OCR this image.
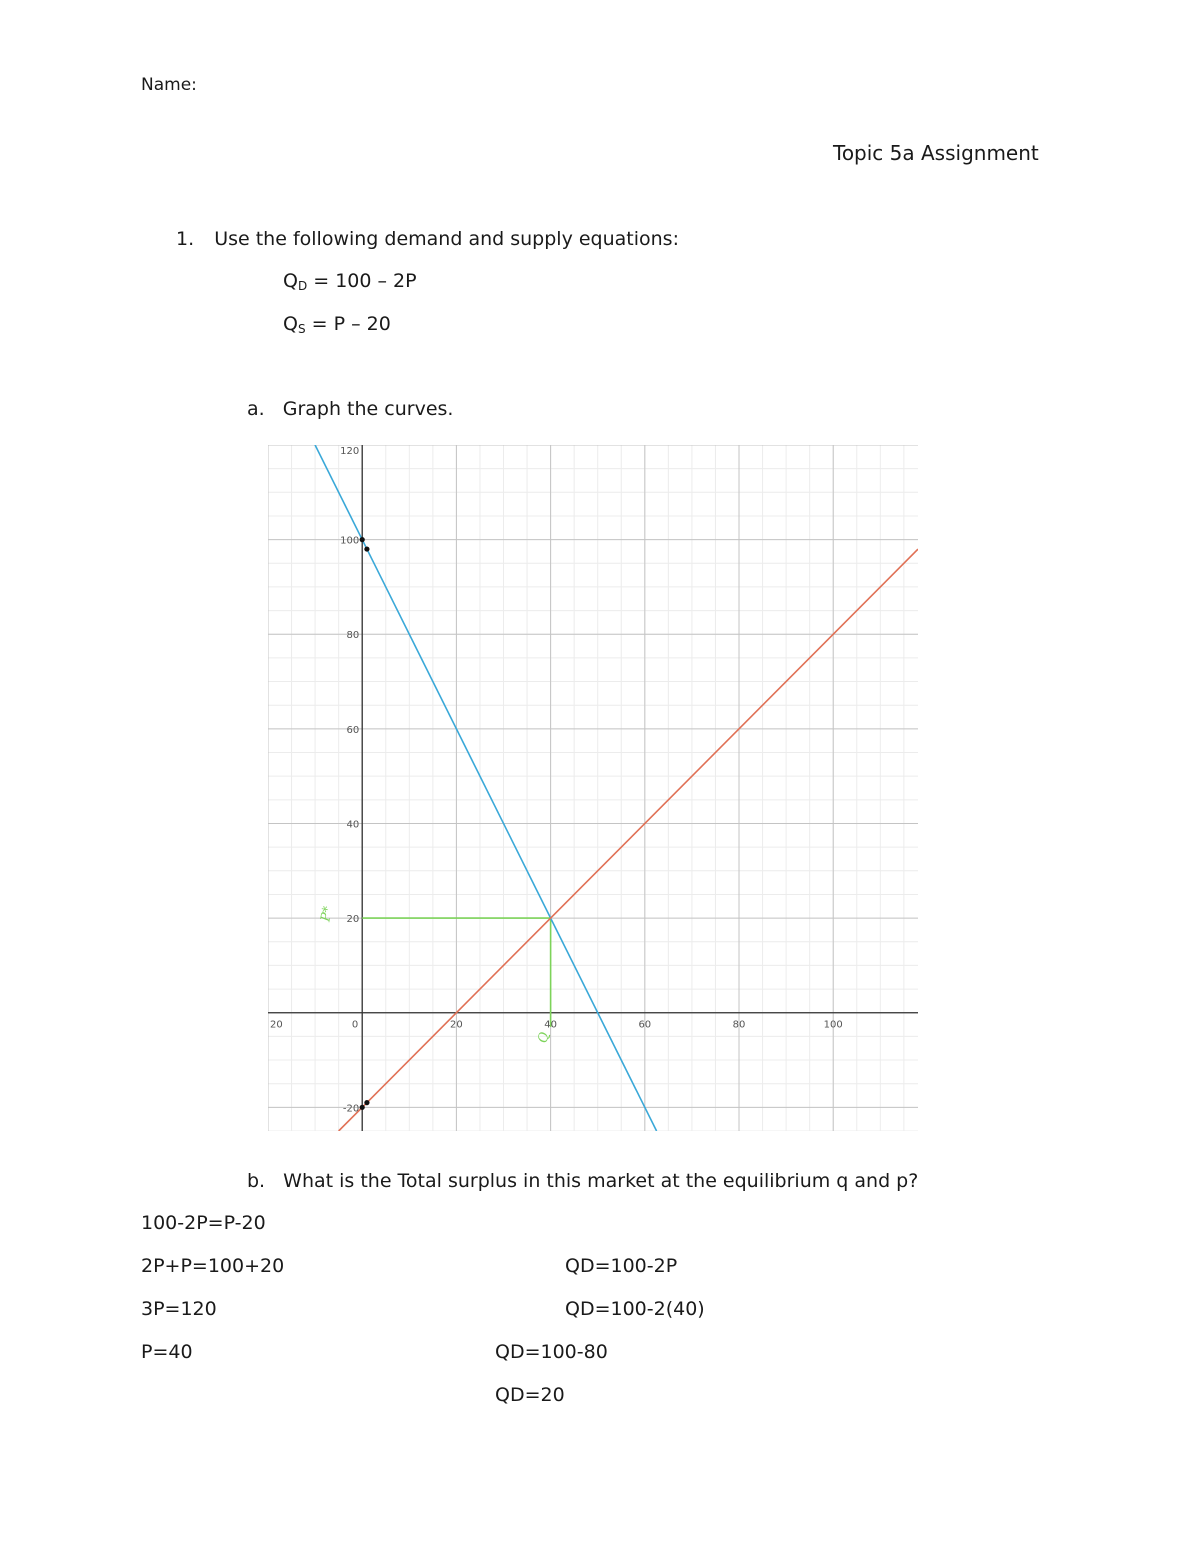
Name:
Topic 5a Assignment
1. Use the following demand and supply equations:
$Q_D = 100 - 2P$
$Q_S = P - 20$
a. Graph the curves.
20	20	40	60	80	100
-20
20
40
60
80
100
120
0
P*
Q
b. What is the Total surplus in this market at the equilibrium q and p?
100-2P=P-20
2P+P=100+20
3P=120
P=40
QD=100-2P
QD=100-2(40)
QD=100-80
QD=20
